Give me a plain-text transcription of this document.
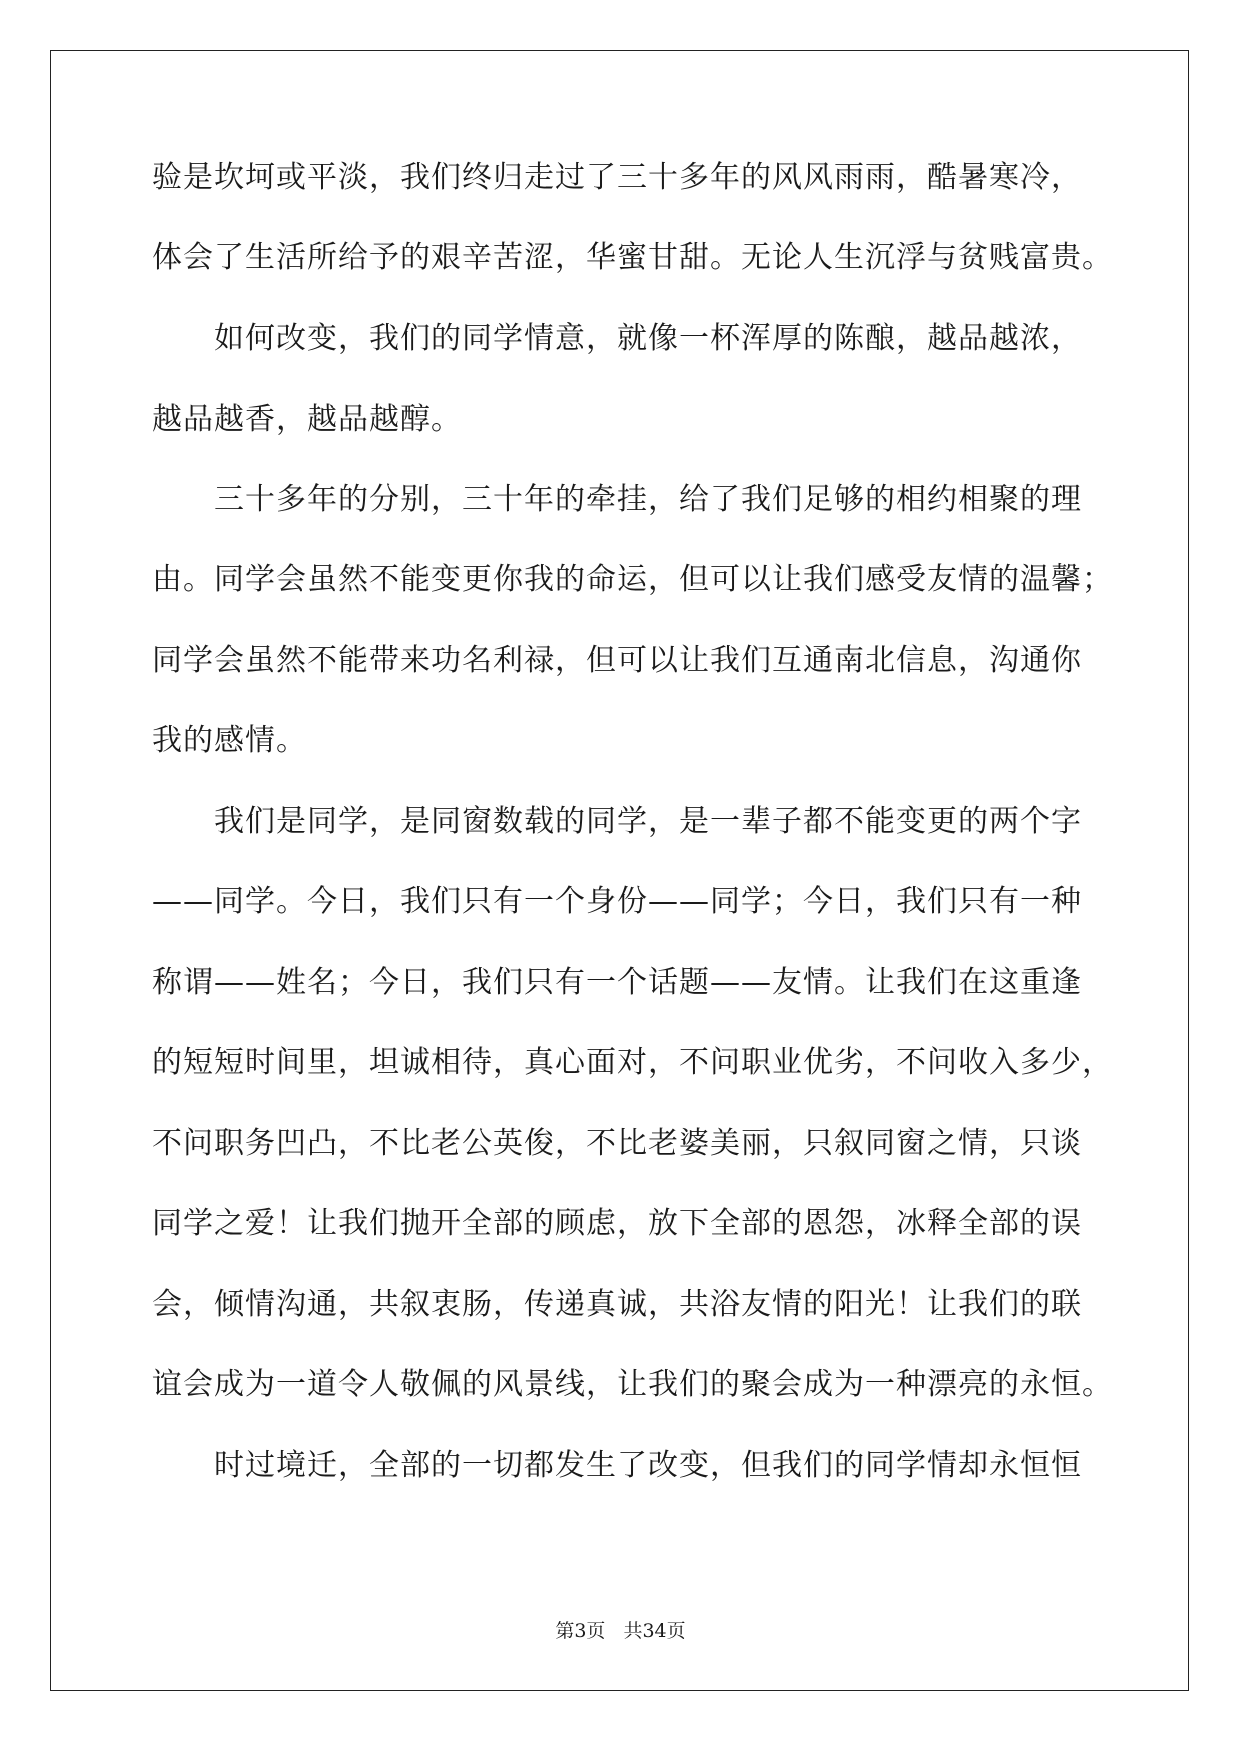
验是坎坷或平淡，我们终归走过了三十多年的风风雨雨，酷暑寒冷，
体会了生活所给予的艰辛苦涩，华蜜甘甜。无论人生沉浮与贫贱富贵。
如何改变，我们的同学情意，就像一杯浑厚的陈酿，越品越浓，
越品越香，越品越醇。
三十多年的分别，三十年的牵挂，给了我们足够的相约相聚的理
由。同学会虽然不能变更你我的命运，但可以让我们感受友情的温馨；
同学会虽然不能带来功名利禄，但可以让我们互通南北信息，沟通你
我的感情。
我们是同学，是同窗数载的同学，是一辈子都不能变更的两个字
——同学。今日，我们只有一个身份——同学；今日，我们只有一种
称谓——姓名；今日，我们只有一个话题——友情。让我们在这重逢
的短短时间里，坦诚相待，真心面对，不问职业优劣，不问收入多少，
不问职务凹凸，不比老公英俊，不比老婆美丽，只叙同窗之情，只谈
同学之爱！让我们抛开全部的顾虑，放下全部的恩怨，冰释全部的误
会，倾情沟通，共叙衷肠，传递真诚，共浴友情的阳光！让我们的联
谊会成为一道令人敬佩的风景线，让我们的聚会成为一种漂亮的永恒。
时过境迁，全部的一切都发生了改变，但我们的同学情却永恒恒
第3页 共34页
